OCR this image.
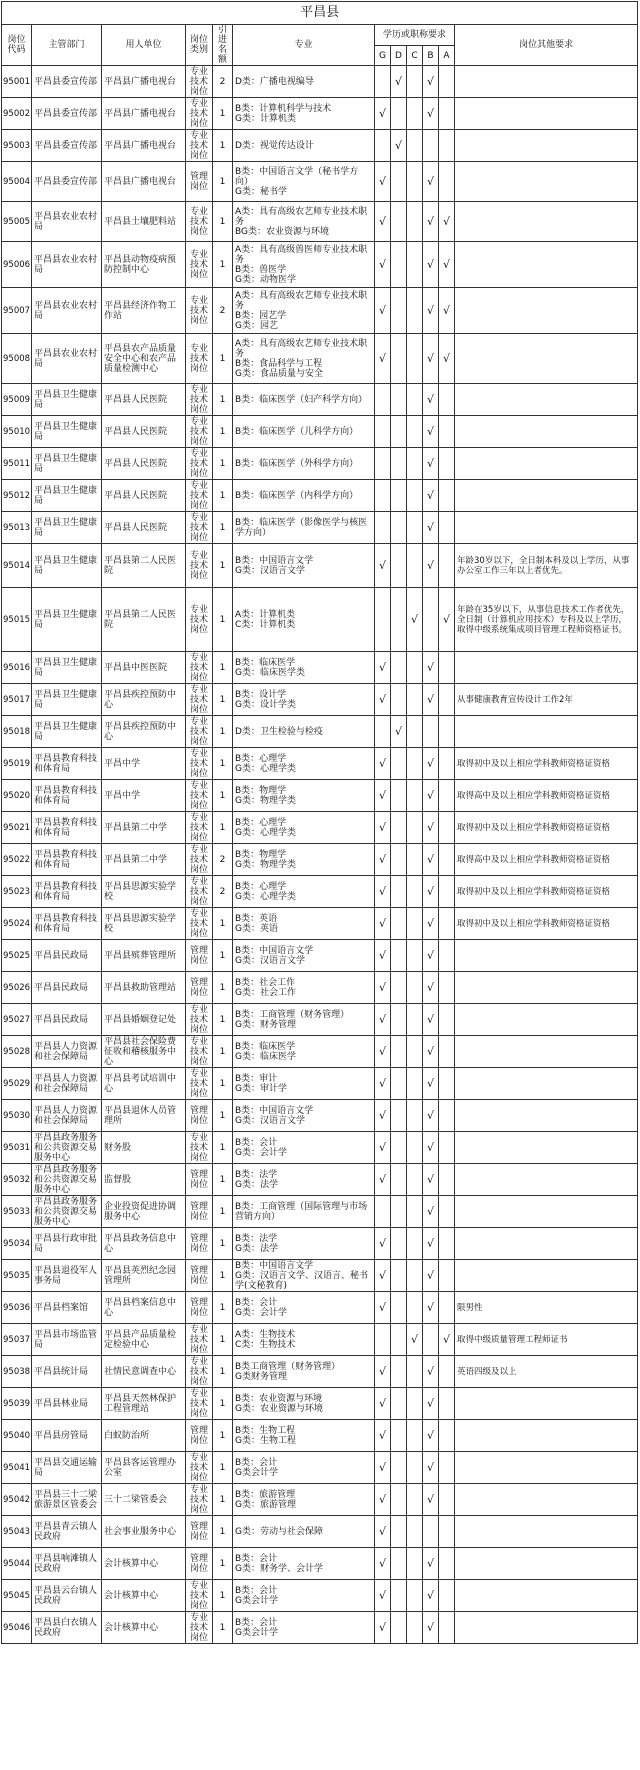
平昌县											
岗位代码	主管部门	用人单位	岗位类别	引进名额	专业	学历或职称要求					岗位其他要求
						G	D	C	B	A	
95001	平昌县委宣传部	平昌县广播电视台	专业技术岗位	2	D类：广播电视编导		√		√		
95002	平昌县委宣传部	平昌县广播电视台	专业技术岗位	1	B类：计算机科学与技术
G类：计算机类	√			√		
95003	平昌县委宣传部	平昌县广播电视台	专业技术岗位	1	D类：视觉传达设计		√				
95004	平昌县委宣传部	平昌县广播电视台	管理岗位	1	B类：中国语言文学（秘书学方向）
G类：秘书学	√			√		
95005	平昌县农业农村局	平昌县土壤肥料站	专业技术岗位	1	A类：具有高级农艺师专业技术职务
BG类：农业资源与环境	√			√	√	
95006	平昌县农业农村局	平昌县动物疫病预防控制中心	专业技术岗位	1	A类：具有高级兽医师专业技术职务
B类：兽医学
G类：动物医学	√			√	√	
95007	平昌县农业农村局	平昌县经济作物工作站	专业技术岗位	2	A类：具有高级农艺师专业技术职务
B类：园艺学
G类：园艺	√			√	√	
95008	平昌县农业农村局	平昌县农产品质量安全中心和农产品质量检测中心	专业技术岗位	1	A类：具有高级农艺师专业技术职务
B类：食品科学与工程
G类：食品质量与安全	√			√	√	
95009	平昌县卫生健康局	平昌县人民医院	专业技术岗位	1	B类：临床医学（妇产科学方向）				√		
95010	平昌县卫生健康局	平昌县人民医院	专业技术岗位	1	B类：临床医学（儿科学方向）				√		
95011	平昌县卫生健康局	平昌县人民医院	专业技术岗位	1	B类：临床医学（外科学方向）				√		
95012	平昌县卫生健康局	平昌县人民医院	专业技术岗位	1	B类：临床医学（内科学方向）				√		
95013	平昌县卫生健康局	平昌县人民医院	专业技术岗位	1	B类：临床医学（影像医学与核医学方向）				√		
95014	平昌县卫生健康局	平昌县第二人民医院	专业技术岗位	1	B类：中国语言文学
G类：汉语言文学	√			√		年龄30岁以下，全日制本科及以上学历，从事办公室工作三年以上者优先。
95015	平昌县卫生健康局	平昌县第二人民医院	专业技术岗位	1	A类：计算机类
C类：计算机类			√		√	年龄在35岁以下，从事信息技术工作者优先，全日制（计算机应用技术）专科及以上学历，取得中级系统集成项目管理工程师资格证书。
95016	平昌县卫生健康局	平昌县中医医院	专业技术岗位	1	B类：临床医学
G类：临床医学类	√			√		
95017	平昌县卫生健康局	平昌县疾控预防中心	专业技术岗位	1	B类：设计学
G类：设计学类	√			√		从事健康教育宣传设计工作2年
95018	平昌县卫生健康局	平昌县疾控预防中心	专业技术岗位	1	D类：卫生检验与检疫		√				
95019	平昌县教育科技和体育局	平昌中学	专业技术岗位	1	B类：心理学
G类：心理学类	√			√		取得初中及以上相应学科教师资格证资格
95020	平昌县教育科技和体育局	平昌中学	专业技术岗位	1	B类：物理学
G类：物理学类	√			√		取得高中及以上相应学科教师资格证资格
95021	平昌县教育科技和体育局	平昌县第二中学	专业技术岗位	1	B类：心理学
G类：心理学类	√			√		取得初中及以上相应学科教师资格证资格
95022	平昌县教育科技和体育局	平昌县第二中学	专业技术岗位	2	B类：物理学
G类：物理学类	√			√		取得高中及以上相应学科教师资格证资格
95023	平昌县教育科技和体育局	平昌县思源实验学校	专业技术岗位	2	B类：心理学
G类：心理学类	√			√		取得初中及以上相应学科教师资格证资格
95024	平昌县教育科技和体育局	平昌县思源实验学校	专业技术岗位	1	B类：英语
G类：英语	√			√		取得初中及以上相应学科教师资格证资格
95025	平昌县民政局	平昌县殡葬管理所	管理岗位	1	B类：中国语言文学
G类：汉语言文学	√			√		
95026	平昌县民政局	平昌县救助管理站	管理岗位	1	B类：社会工作
G类：社会工作	√			√		
95027	平昌县民政局	平昌县婚姻登记处	专业技术岗位	1	B类：工商管理（财务管理）
G类：财务管理	√			√		
95028	平昌县人力资源和社会保障局	平昌县社会保险费征收和稽核服务中心	专业技术岗位	1	B类：临床医学
G类：临床医学	√			√		
95029	平昌县人力资源和社会保障局	平昌县考试培训中心	专业技术岗位	1	B类：审计
G类：审计学	√			√		
95030	平昌县人力资源和社会保障局	平昌县退休人员管理所	管理岗位	1	B类：中国语言文学
G类：汉语言文学	√			√		
95031	平昌县政务服务和公共资源交易服务中心	财务股	专业技术岗位	1	B类：会计
G类：会计学	√			√		
95032	平昌县政务服务和公共资源交易服务中心	监督股	管理岗位	1	B类：法学
G类：法学	√			√		
95033	平昌县政务服务和公共资源交易服务中心	企业投资促进协调服务中心	管理岗位	1	B类：工商管理（国际管理与市场营销方向）				√		
95034	平昌县行政审批局	平昌县政务信息中心	管理岗位	1	B类：法学
G类：法学	√			√		
95035	平昌县退役军人事务局	平昌县英烈纪念园管理所	管理岗位	1	B类：中国语言文学
G类：汉语言文学、汉语言、秘书学(文秘教育)	√			√		
95036	平昌县档案馆	平昌县档案信息中心	管理岗位	1	B类：会计
G类：会计学	√			√		限男性
95037	平昌县市场监管局	平昌县产品质量检定检验中心	专业技术岗位	1	A类：生物技术
C类：生物技术			√		√	取得中级质量管理工程师证书
95038	平昌县统计局	社情民意调查中心	专业技术岗位	1	B类工商管理（财务管理）
G类财务管理	√			√		英语四级及以上
95039	平昌县林业局	平昌县天然林保护工程管理站	专业技术岗位	1	B类：农业资源与环境
G类：农业资源与环境	√			√		
95040	平昌县房管局	白蚁防治所	管理岗位	1	B类：生物工程
G类：生物工程	√			√		
95041	平昌县交通运输局	平昌县客运管理办公室	专业技术岗位	1	B类：会计
G类会计学	√			√		
95042	平昌县三十二梁旅游景区管委会	三十二梁管委会	专业技术岗位	1	B类：旅游管理
G类：旅游管理	√			√		
95043	平昌县青云镇人民政府	社会事业服务中心	管理岗位	1	G类：劳动与社会保障	√					
95044	平昌县响滩镇人民政府	会计核算中心	管理岗位	1	B类：会计
G类：财务学、会计学	√			√		
95045	平昌县云台镇人民政府	会计核算中心	专业技术岗位	1	B类：会计
G类会计学	√			√		
95046	平昌县白衣镇人民政府	会计核算中心	专业技术岗位	1	B类：会计
G类会计学	√			√		
